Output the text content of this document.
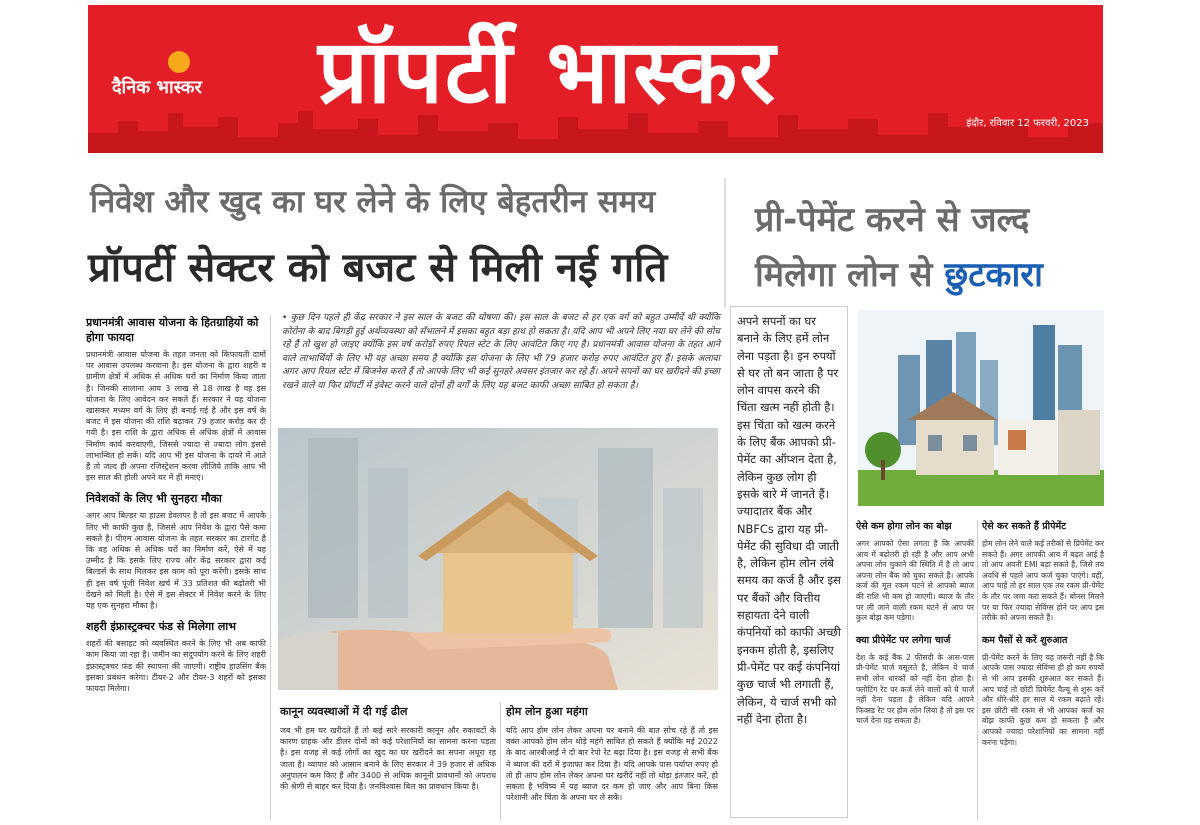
दैनिक भास्कर प्रॉपर्टी भास्कर
इंदौर, रविवार 12 फरवरी, 2023
निवेश और खुद का घर लेने के लिए बेहतरीन समय
प्रॉपर्टी सेक्टर को बजट से मिली नई गति
प्री-पेमेंट करने से जल्द
मिलेगा लोन से छुटकारा
प्रधानमंत्री आवास योजना के हितग्राहियों को होगा फायदा
प्रधानमंत्री आवास योजना के तहत जनता को किफायती दामों पर आवास उपलब्ध करवाना है। इस योजना के द्वारा शहरी व ग्रामीण क्षेत्रों में अधिक से अधिक घरों का निर्माण किया जाता है। जिनकी सालाना आय 3 लाख से 18 लाख है वह इस योजना के लिए आवेदन कर सकते हैं। सरकार ने यह योजना खासकर मध्यम वर्ग के लिए ही बनाई गई है और इस वर्ष के बजट में इस योजना की राशि बढ़ाकर 79 हजार करोड़ कर दी गयी है। इस राशि के द्वारा अधिक से अधिक क्षेत्रों में आवास निर्माण कार्य करवाएगी, जिससे ज्यादा से ज्यादा लोग इससे लाभान्वित हो सकें। यदि आप भी इस योजना के दायरे में आते हैं तो जल्द ही अपना रजिस्ट्रेशन करवा लीजिये ताकि आप भी इस साल की होली अपने घर में ही मनाएं।
निवेशकों के लिए भी सुनहरा मौका
अगर आप बिल्डर या हाउस डेवलपर है तो इस बजट में आपके लिए भी काफी कुछ है, जिससे आप निवेश के द्वारा पैसे कमा सकते है। पीएम आवास योजना के तहत सरकार का टारगेट है कि वह अधिक से अधिक घरों का निर्माण करें, ऐसे में यह उम्मीद है कि इसके लिए राज्य और केंद्र सरकार द्वारा कई बिल्डर्स के साथ मिलकर इस काम को पूरा करेंगी। इसके साथ ही इस वर्ष पूंजी निवेश खर्च में 33 प्रतिशत की बढ़ोतरी भी देखने को मिली है। ऐसे में इस सेक्टर में निवेश करने के लिए यह एक सुनहरा मौका है।
शहरी इंफ्रास्ट्रक्चर फंड से मिलेगा लाभ
शहरों की बसाहट को व्यवस्थित करने के लिए भी अब काफी काम किया जा रहा है। जमीन का सदुपयोग करने के लिए शहरी इंफ्रास्ट्रक्चर फंड की स्थापना की जाएगी। राष्ट्रीय हाउसिंग बैंक इसका प्रबंधन करेगा। टीयर-2 और टीयर-3 शहरों को इसका फायदा मिलेगा।
• कुछ दिन पहले ही केंद्र सरकार ने इस साल के बजट की घोषणा की। इस साल के बजट से हर एक वर्ग को बहुत उम्मीदें थी क्योंकि कोरोना के बाद बिगड़ी हुई अर्थव्यवस्था को सँभालने में इसका बहुत बड़ा हाथ हो सकता है। यदि आप भी अपने लिए नया घर लेने की सोच रहे हैं तो खुश हो जाइए क्योंकि इस वर्ष करोड़ों रुपए रियल स्टेट के लिए आवंटित किए गए है। प्रधानमंत्री आवास योजना के तहत आने वाले लाभार्थियों के लिए भी यह अच्छा समय है क्योंकि इस योजना के लिए भी 79 हजार करोड़ रुपए आवंटित हुए हैं। इसके अलावा अगर आप रियल स्टेट में बिजनेस करते हैं तो आपके लिए भी कई सुनहरे अवसर इंतजार कर रहे हैं। अपने सपनों का घर खरीदने की इच्छा रखने वाले या फिर प्रॉपर्टी में इंवेस्ट करने वाले दोनों ही वर्गों के लिए यह बजट काफी अच्छा साबित हो सकता है।
कानून व्यवस्थाओं में दी गई ढील	होम लोन हुआ महंगा
जब भी हम घर खरीदते हैं तो कई सारे सरकारी कानून और रुकावटों के कारण ग्राहक और डीलर दोनों को कई परेशानियों का सामना करना पड़ता है। इस वजह से कई लोगों का खुद का घर खरीदने का सपना अधूरा रह जाता है। व्यापार को आसान बनाने के लिए सरकार ने 39 हजार से अधिक अनुपालन कम किए हैं और 3400 से अधिक कानूनी प्रावधानों को अपराध की श्रेणी से बाहर कर दिया है। जनविश्वास बिल का प्रावधान किया है।
यदि आप होम लोन लेकर अपना घर बनाने की बात सोच रहे हैं तो इस वक्त आपको होम लोन थोड़े महंगे साबित हो सकते हैं क्योंकि मई 2022 के बाद आरबीआई ने दो बार रेपो रेट बढ़ा दिया है। इस वजह से सभी बैंक ने ब्याज की दरों में इजाफा कर दिया है। यदि आपके पास पर्याप्त रुपए हो तो ही आप होम लोन लेकर अपना घर खरीदें नहीं तो थोड़ा इंतजार करें, हो सकता है भविष्य में यह ब्याज दर कम हो जाए और आप बिना किस परेशानी और चिंता के अपना घर ले सकें।
अपने सपनों का घर बनाने के लिए हमें लोन लेना पड़ता है। इन रुपयों से घर तो बन जाता है पर लोन वापस करने की चिंता खत्म नहीं होती है। इस चिंता को खत्म करने के लिए बैंक आपको प्री-पेमेंट का ऑप्शन देता है, लेकिन कुछ लोग ही इसके बारे में जानते हैं। ज्यादातर बैंक और NBFCs द्वारा यह प्री-पेमेंट की सुविधा दी जाती है, लेकिन होम लोन लंबे समय का कर्ज है और इस पर बैंकों और वित्तीय सहायता देने वाली कंपनियों को काफी अच्छी इनकम होती है, इसलिए प्री-पेमेंट पर कई कंपनियां कुछ चार्ज भी लगाती हैं, लेकिन, ये चार्ज सभी को नहीं देना होता है।
ऐसे कम होगा लोन का बोझ
अगर आपको ऐसा लगता है कि आपकी आय में बढ़ोतरी हो रही है और आप अभी अपना लोन चुकाने की स्थिति में है तो आप अपना लोन बैंक को चुका सकते हैं। आपके कर्ज की मूल रकम घटने से आपको ब्याज की राशि भी कम हो जाएगी। ब्याज के तौर पर ली जाने वाली रकम घटने से आप पर कुल बोझ कम पड़ेगा।
क्या प्रीपेमेंट पर लगेगा चार्ज
देश के कई बैंक 2 फीसदी के आस-पास प्री-पेमेंट चार्ज वसूलते है, लेकिन ये चार्ज सभी लोन धारकों को नहीं देना होता है। फ्लोटिंग रेट पर कर्ज लेने वालों को ये चार्ज नहीं देना पड़ता है लेकिन यदि आपने फिक्स्ड रेट पर होम लोन लिया है तो इस पर चार्ज देना पड़ सकता है।
ऐसे कर सकते हैं प्रीपेमेंट
होम लोन लेने वाले कई तरीकों से प्रिपेमेंट कर सकते हैं। अगर आपकी आय में बढ़त आई है तो आप अपनी EMI बढ़ा सकते हैं, जिसे तय अवधि से पहले आप कर्ज चुका पाएंगे। वहीं, आप चाहें तो हर साल एक तय रकम प्री-पेमेंट के तौर पर जमा करा सकते हैं। बोनस मिलने पर या फिर ज्यादा सेविंग्स होने पर आप इस तरीके को अपना सकते हैं।
कम पैसों से करें शुरुआत
प्री-पेमेंट करने के लिए यह जरूरी नहीं है कि आपके पास ज्यादा सेविंग्स ही हो कम रुपयों से भी आप इसकी शुरुआत कर सकते हैं। आप चाहें तो छोटी प्रिपेमेंट वैल्यू से शुरू करें और धीरे-धीरे हर साल ये रकम बढ़ाते रहें। इस छोटी सी रकम से भी आपका कर्ज का बोझ काफी कुछ कम हो सकता है और आपको ज्यादा परेशानियों का सामना नहीं करना पड़ेगा।
